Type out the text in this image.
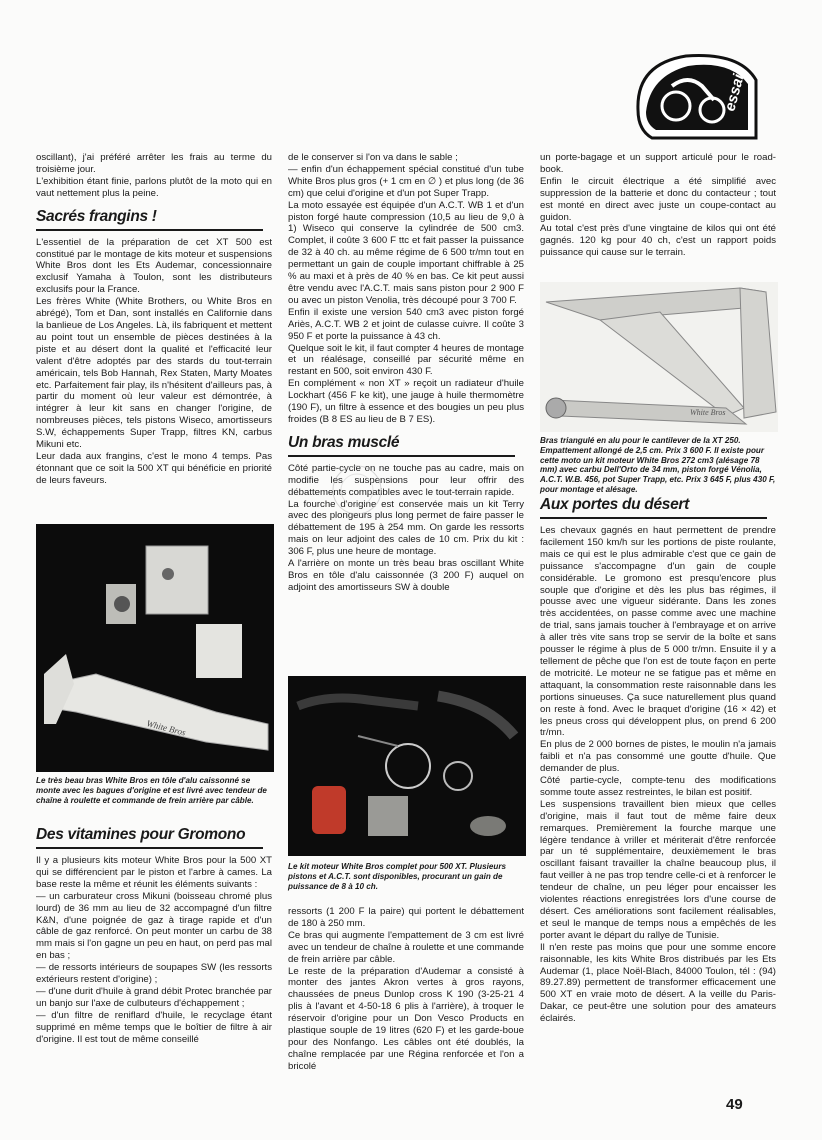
essai

oscillant), j'ai préféré arrêter les frais au terme du troisième jour.

L'exhibition étant finie, parlons plutôt de la moto qui en vaut nettement plus la peine.

Sacrés frangins !

L'essentiel de la préparation de cet XT 500 est constitué par le montage de kits moteur et suspensions White Bros dont les Ets Audemar, concessionnaire exclusif Yamaha à Toulon, sont les distributeurs exclusifs pour la France.

Les frères White (White Brothers, ou White Bros en abrégé), Tom et Dan, sont installés en Californie dans la banlieue de Los Angeles. Là, ils fabriquent et mettent au point tout un ensemble de pièces destinées à la piste et au désert dont la qualité et l'efficacité leur valent d'être adoptés par des stards du tout-terrain américain, tels Bob Hannah, Rex Staten, Marty Moates etc. Parfaitement fair play, ils n'hésitent d'ailleurs pas, à partir du moment où leur valeur est démontrée, à intégrer à leur kit sans en changer l'origine, de nombreuses pièces, tels pistons Wiseco, amortisseurs S.W, échappements Super Trapp, filtres KN, carbus Mikuni etc.

Leur dada aux frangins, c'est le mono 4 temps. Pas étonnant que ce soit la 500 XT qui bénéficie en priorité de leurs faveurs.

White Bros
Le très beau bras White Bros en tôle d'alu caissonné se monte avec les bagues d'origine et est livré avec tendeur de chaîne à roulette et commande de frein arrière par câble.
Des vitamines pour Gromono

Il y a plusieurs kits moteur White Bros pour la 500 XT qui se différencient par le piston et l'arbre à cames. La base reste la même et réunit les éléments suivants :

— un carburateur cross Mikuni (boisseau chromé plus lourd) de 36 mm au lieu de 32 accompagné d'un filtre K&N, d'une poignée de gaz à tirage rapide et d'un câble de gaz renforcé. On peut monter un carbu de 38 mm mais si l'on gagne un peu en haut, on perd pas mal en bas ;

— de ressorts intérieurs de soupapes SW (les ressorts extérieurs restent d'origine) ;

— d'une durit d'huile à grand débit Protec branchée par un banjo sur l'axe de culbuteurs d'échappement ;

— d'un filtre de reniflard d'huile, le recyclage étant supprimé en même temps que le boîtier de filtre à air d'origine. Il est tout de même conseillé

de le conserver si l'on va dans le sable ;

— enfin d'un échappement spécial constitué d'un tube White Bros plus gros (+ 1 cm en ∅ ) et plus long (de 36 cm) que celui d'origine et d'un pot Super Trapp.

La moto essayée est équipée d'un A.C.T. WB 1 et d'un piston forgé haute compression (10,5 au lieu de 9,0 à 1) Wiseco qui conserve la cylindrée de 500 cm3. Complet, il coûte 3 600 F ttc et fait passer la puissance de 32 à 40 ch. au même régime de 6 500 tr/mn tout en permettant un gain de couple important chiffrable à 25 % au maxi et à près de 40 % en bas. Ce kit peut aussi être vendu avec l'A.C.T. mais sans piston pour 2 900 F ou avec un piston Venolia, très découpé pour 3 700 F.

Enfin il existe une version 540 cm3 avec piston forgé Ariès, A.C.T. WB 2 et joint de culasse cuivre. Il coûte 3 950 F et porte la puissance à 43 ch.

Quelque soit le kit, il faut compter 4 heures de montage et un réalésage, conseillé par sécurité même en restant en 500, soit environ 430 F.

En complément « non XT » reçoit un radiateur d'huile Lockhart (456 F ke kit), une jauge à huile thermomètre (190 F), un filtre à essence et des bougies un peu plus froides (B 8 ES au lieu de B 7 ES).

Un bras musclé

Côté partie-cycle on ne touche pas au cadre, mais on modifie les suspensions pour leur offrir des débattements compatibles avec le tout-terrain rapide.

La fourche d'origine est conservée mais un kit Terry avec des plongeurs plus long permet de faire passer le débattement de 195 à 254 mm. On garde les ressorts mais on leur adjoint des cales de 10 cm. Prix du kit : 306 F, plus une heure de montage.

A l'arrière on monte un très beau bras oscillant White Bros en tôle d'alu caissonnée (3 200 F) auquel on adjoint des amortisseurs SW à double

Le kit moteur White Bros complet pour 500 XT. Plusieurs pistons et A.C.T. sont disponibles, procurant un gain de puissance de 8 à 10 ch.

ressorts (1 200 F la paire) qui portent le débattement de 180 à 250 mm.

Ce bras qui augmente l'empattement de 3 cm est livré avec un tendeur de chaîne à roulette et une commande de frein arrière par câble.

Le reste de la préparation d'Audemar a consisté à monter des jantes Akron vertes à gros rayons, chaussées de pneus Dunlop cross K 190 (3-25-21 4 plis à l'avant et 4-50-18 6 plis à l'arrière), à troquer le réservoir d'origine pour un Don Vesco Products en plastique souple de 19 litres (620 F) et les garde-boue pour des Nonfango. Les câbles ont été doublés, la chaîne remplacée par une Régina renforcée et l'on a bricolé

un porte-bagage et un support articulé pour le road-book.

Enfin le circuit électrique a été simplifié avec suppression de la batterie et donc du contacteur ; tout est monté en direct avec juste un coupe-contact au guidon.

Au total c'est près d'une vingtaine de kilos qui ont été gagnés. 120 kg pour 40 ch, c'est un rapport poids puissance qui cause sur le terrain.

White Bros
Bras triangulé en alu pour le cantilever de la XT 250. Empattement allongé de 2,5 cm. Prix 3 600 F. Il existe pour cette moto un kit moteur White Bros 272 cm3 (alésage 78 mm) avec carbu Dell'Orto de 34 mm, piston forgé Vénolia, A.C.T. W.B. 456, pot Super Trapp, etc. Prix 3 645 F, plus 430 F, pour montage et alésage.
Aux portes du désert

Les chevaux gagnés en haut permettent de prendre facilement 150 km/h sur les portions de piste roulante, mais ce qui est le plus admirable c'est que ce gain de puissance s'accompagne d'un gain de couple considérable. Le gromono est presqu'encore plus souple que d'origine et dès les plus bas régimes, il pousse avec une vigueur sidérante. Dans les zones très accidentées, on passe comme avec une machine de trial, sans jamais toucher à l'embrayage et on arrive à aller très vite sans trop se servir de la boîte et sans pousser le régime à plus de 5 000 tr/mn. Ensuite il y a tellement de pêche que l'on est de toute façon en perte de motricité. Le moteur ne se fatigue pas et même en attaquant, la consommation reste raisonnable dans les portions sinueuses. Ça suce naturellement plus quand on reste à fond. Avec le braquet d'origine (16 × 42) et les pneus cross qui développent plus, on prend 6 200 tr/mn.

En plus de 2 000 bornes de pistes, le moulin n'a jamais faibli et n'a pas consommé une goutte d'huile. Que demander de plus.

Côté partie-cycle, compte-tenu des modifications somme toute assez restreintes, le bilan est positif.

Les suspensions travaillent bien mieux que celles d'origine, mais il faut tout de même faire deux remarques. Premièrement la fourche marque une légère tendance à vriller et mériterait d'être renforcée par un té supplémentaire, deuxièmement le bras oscillant faisant travailler la chaîne beaucoup plus, il faut veiller à ne pas trop tendre celle-ci et à renforcer le tendeur de chaîne, un peu léger pour encaisser les violentes réactions enregistrées lors d'une course de désert. Ces améliorations sont facilement réalisables, et seul le manque de temps nous a empêchés de les porter avant le départ du rallye de Tunisie.

Il n'en reste pas moins que pour une somme encore raisonnable, les kits White Bros distribués par les Ets Audemar (1, place Noël-Blach, 84000 Toulon, tél : (94) 89.27.89) permettent de transformer efficacement une 500 XT en vraie moto de désert. A la veille du Paris-Dakar, ce peut-être une solution pour des amateurs éclairés.

49
